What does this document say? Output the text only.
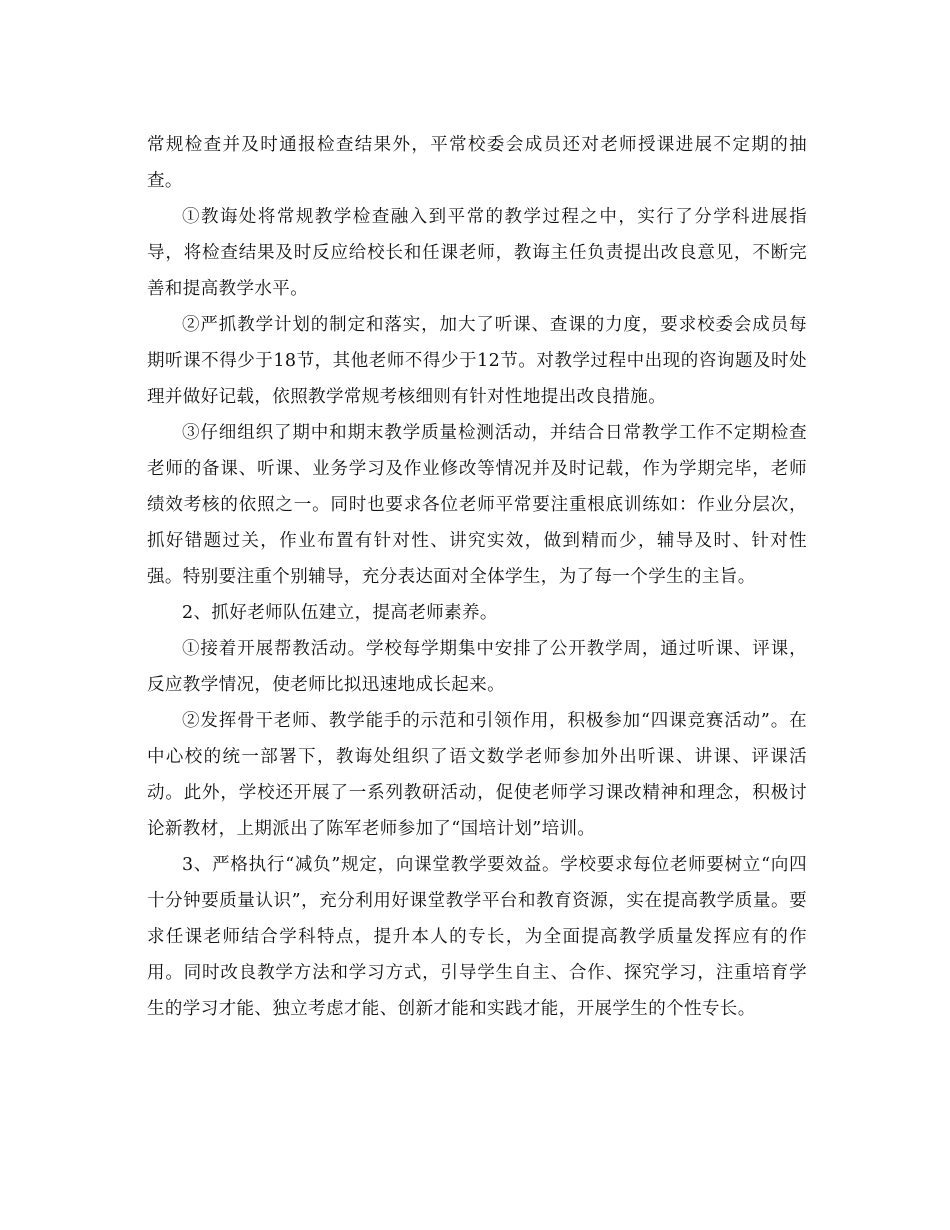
常规检查并及时通报检查结果外，平常校委会成员还对老师授课进展不定期的抽查。

①教诲处将常规教学检查融入到平常的教学过程之中，实行了分学科进展指导，将检查结果及时反应给校长和任课老师，教诲主任负责提出改良意见，不断完善和提高教学水平。

②严抓教学计划的制定和落实，加大了听课、查课的力度，要求校委会成员每期听课不得少于18节，其他老师不得少于12节。对教学过程中出现的咨询题及时处理并做好记载，依照教学常规考核细则有针对性地提出改良措施。

③仔细组织了期中和期末教学质量检测活动，并结合日常教学工作不定期检查老师的备课、听课、业务学习及作业修改等情况并及时记载，作为学期完毕，老师绩效考核的依照之一。同时也要求各位老师平常要注重根底训练如：作业分层次，抓好错题过关，作业布置有针对性、讲究实效，做到精而少，辅导及时、针对性强。特别要注重个别辅导，充分表达面对全体学生，为了每一个学生的主旨。

2、抓好老师队伍建立，提高老师素养。

①接着开展帮教活动。学校每学期集中安排了公开教学周，通过听课、评课，反应教学情况，使老师比拟迅速地成长起来。

②发挥骨干老师、教学能手的示范和引领作用，积极参加“四课竞赛活动”。在中心校的统一部署下，教诲处组织了语文数学老师参加外出听课、讲课、评课活动。此外，学校还开展了一系列教研活动，促使老师学习课改精神和理念，积极讨论新教材，上期派出了陈军老师参加了“国培计划”培训。

3、严格执行“减负”规定，向课堂教学要效益。学校要求每位老师要树立“向四十分钟要质量认识”，充分利用好课堂教学平台和教育资源，实在提高教学质量。要求任课老师结合学科特点，提升本人的专长，为全面提高教学质量发挥应有的作用。同时改良教学方法和学习方式，引导学生自主、合作、探究学习，注重培育学生的学习才能、独立考虑才能、创新才能和实践才能，开展学生的个性专长。
